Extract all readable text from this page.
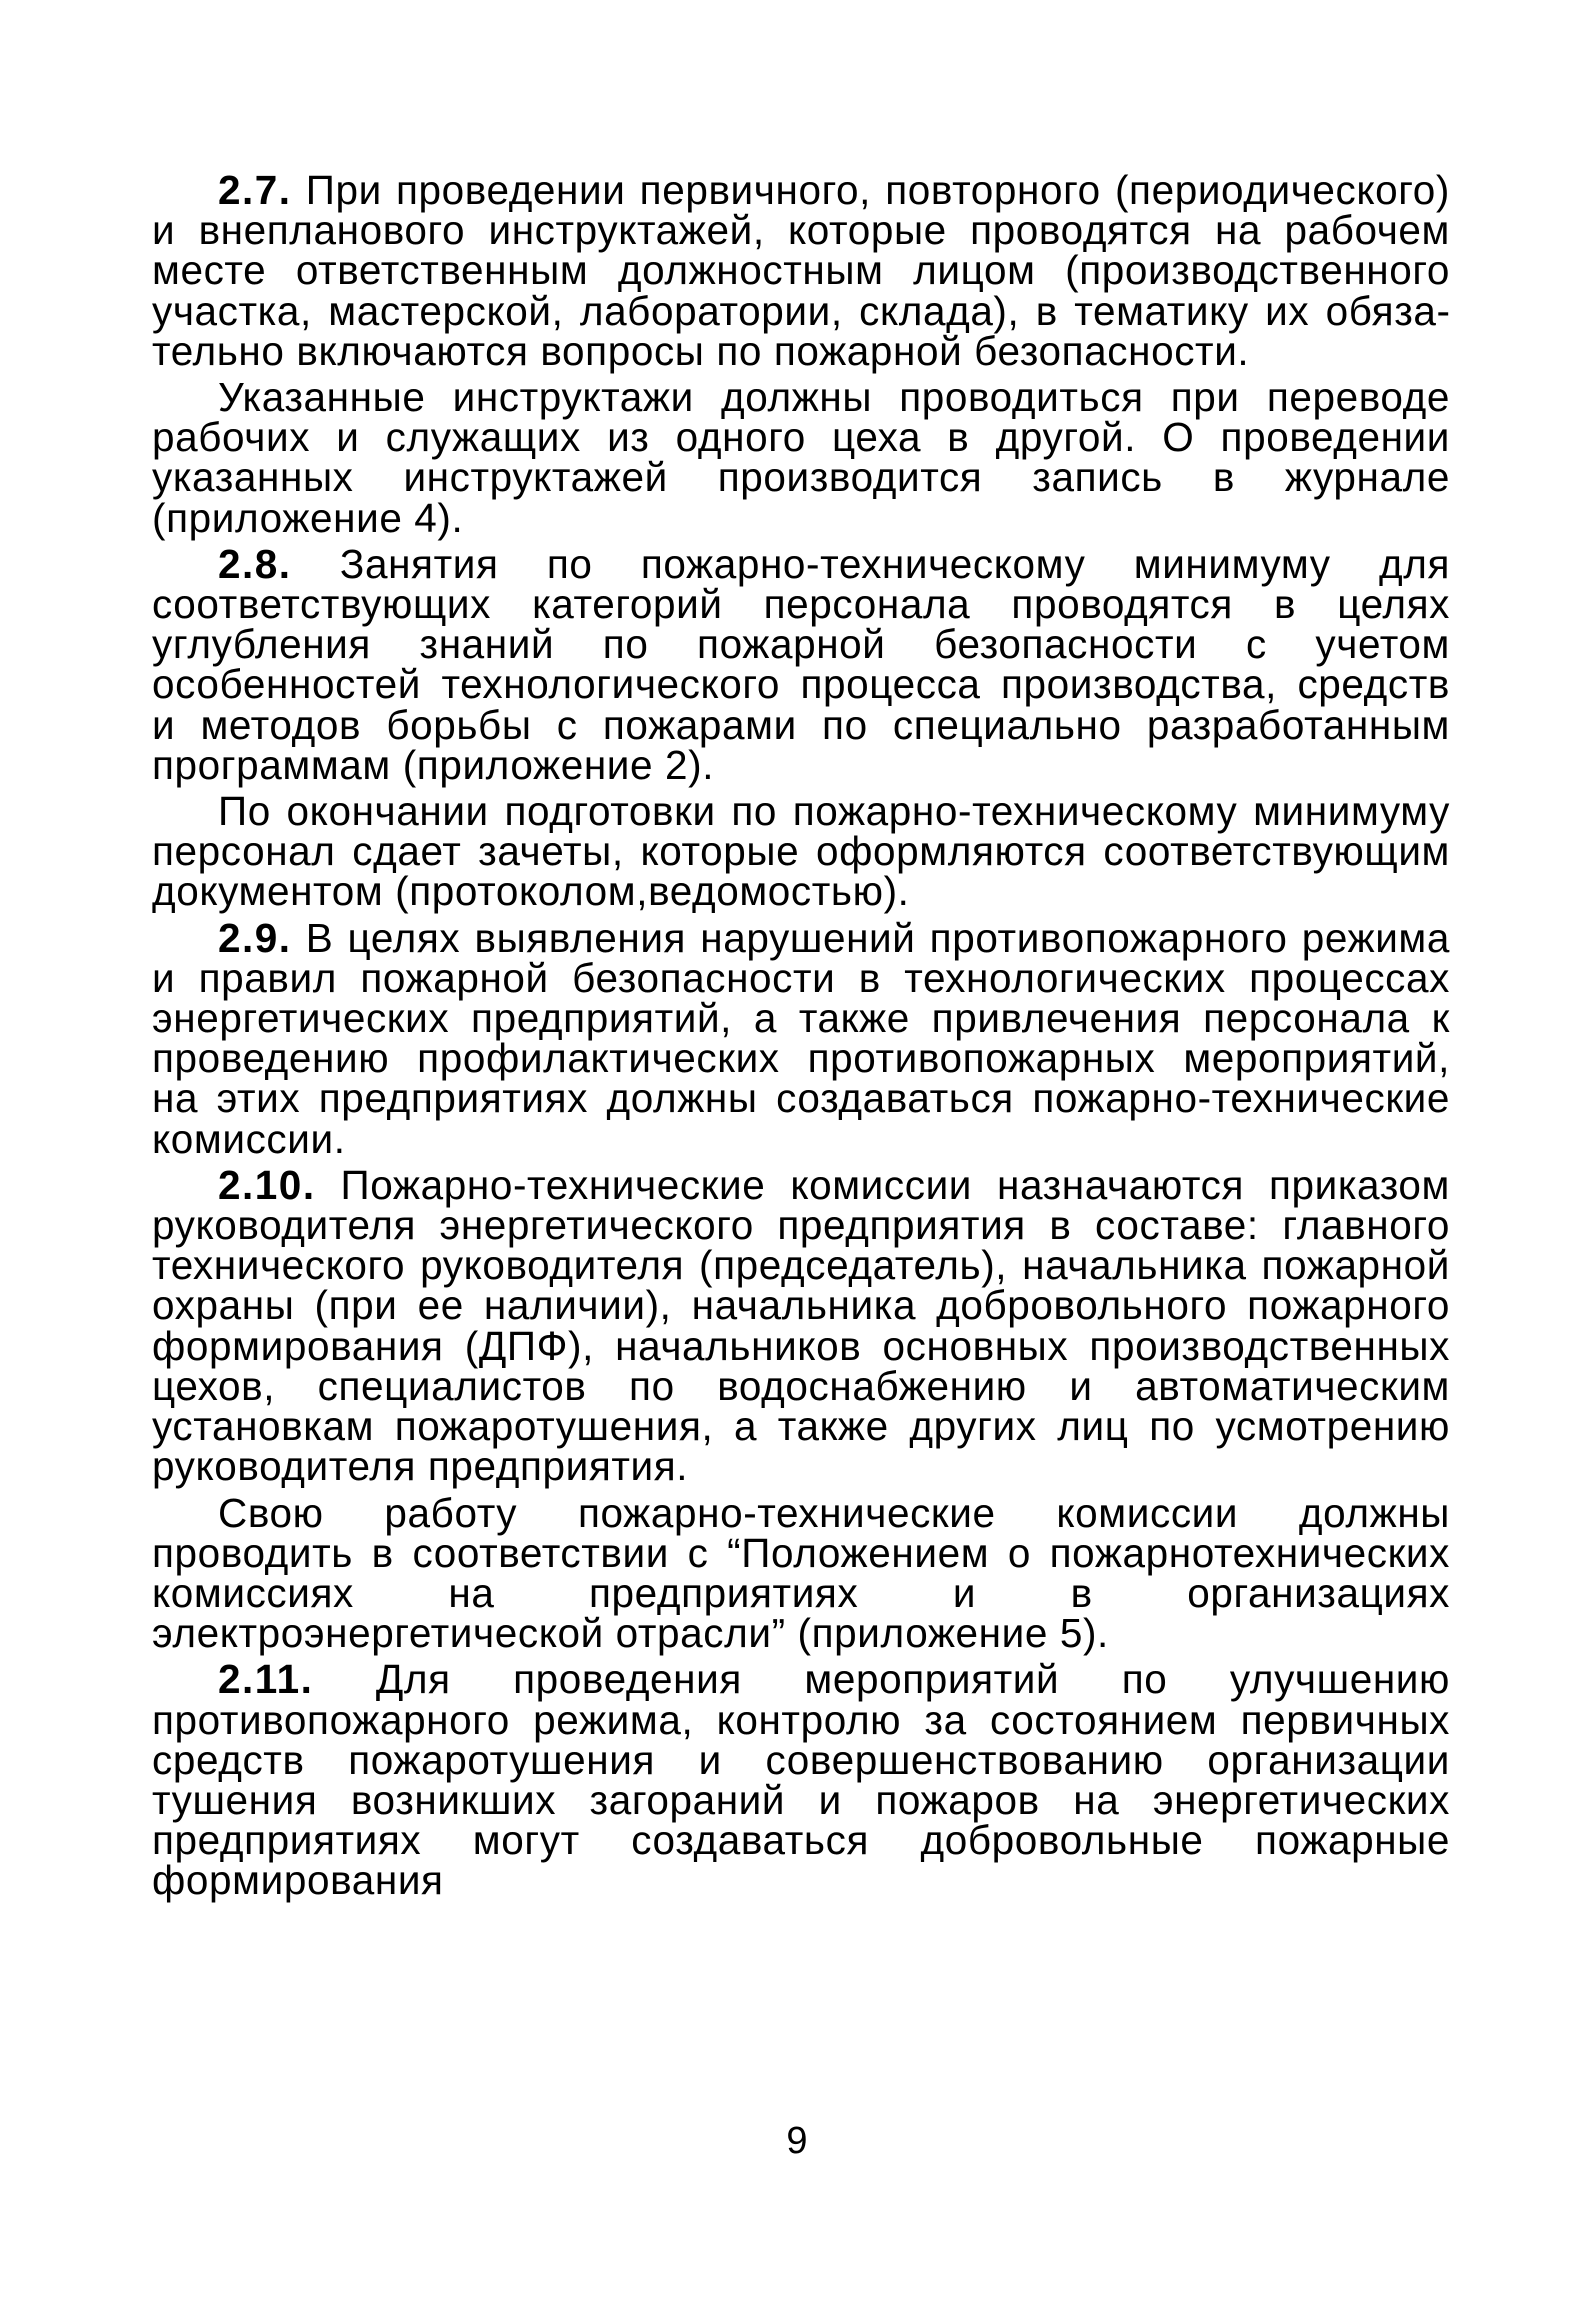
2.7. При проведении первичного, повторного (периодического) и внепланового инструктажей, которые проводятся на рабочем месте ответственным должностным лицом (производственного участка, мастерской, лаборатории, склада), в тематику их обязательно включаются вопросы по пожарной безопасности.

Указанные инструктажи должны проводиться при переводе рабочих и служащих из одного цеха в другой. О проведении указанных инструктажей производится запись в журнале (приложение 4).

2.8. Занятия по пожарно-техническому минимуму для соответствующих категорий персонала проводятся в целях углубления знаний по пожарной безопасности с учетом особенностей технологического процесса производства, средств и методов борьбы с пожарами по специально разработанным программам (приложение 2).

По окончании подготовки по пожарно-техническому минимуму персонал сдает зачеты, которые оформляются соответствующим документом (протоколом,ведомостью).

2.9. В целях выявления нарушений противопожарного режима и правил пожарной безопасности в технологических процессах энергетических предприятий, а также привлечения персонала к проведению профилактических противопожарных мероприятий, на этих предприятиях должны создаваться пожарно-технические комиссии.

2.10. Пожарно-технические комиссии назначаются приказом руководителя энергетического предприятия в составе: главного технического руководителя (председатель), начальника пожарной охраны (при ее наличии), начальника добровольного пожарного формирования (ДПФ), начальников основных производственных цехов, специалистов по водоснабжению и автоматическим установкам пожаротушения, а также других лиц по усмотрению руководителя предприятия.

Свою работу пожарно-технические комиссии должны проводить в соответствии с “Положением о пожарнотехнических комиссиях на предприятиях и в организациях электроэнергетической отрасли” (приложение 5).

2.11. Для проведения мероприятий по улучшению противопожарного режима, контролю за состоянием первичных средств пожаротушения и совершенствованию организации тушения возникших загораний и пожаров на энергетических предприятиях могут создаваться добровольные пожарные формирования

9
